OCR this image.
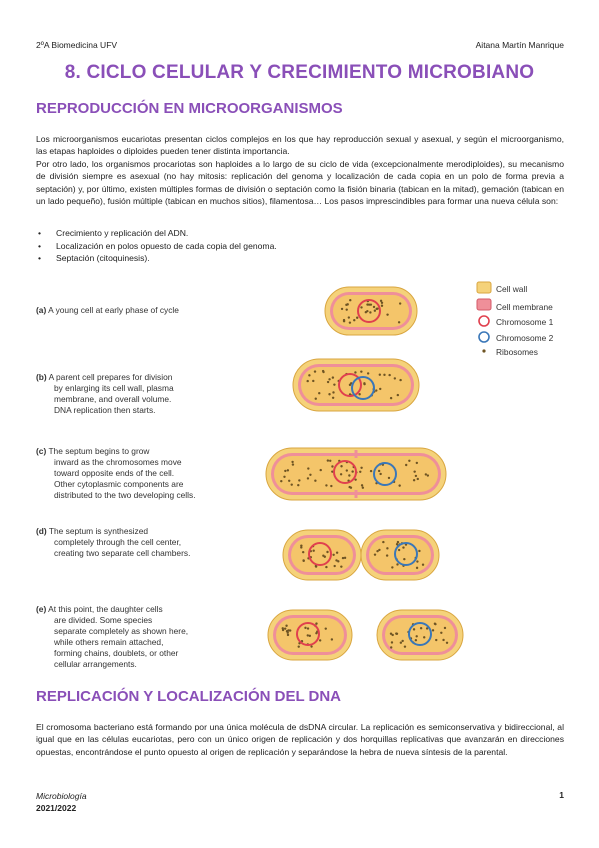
2ºA Biomedicina UFV	Aitana Martín Manrique
8. CICLO CELULAR Y CRECIMIENTO MICROBIANO
REPRODUCCIÓN EN MICROORGANISMOS

Los microorganismos eucariotas presentan ciclos complejos en los que hay reproducción sexual y asexual, y según el microorganismo, las etapas haploides o diploides pueden tener distinta importancia.

Por otro lado, los organismos procariotas son haploides a lo largo de su ciclo de vida (excepcionalmente merodiploides), su mecanismo de división siempre es asexual (no hay mitosis: replicación del genoma y localización de cada copia en un polo de forma previa a septación) y, por último, existen múltiples formas de división o septación como la fisión binaria (tabican en la mitad), gemación (tabican en un lado pequeño), fusión múltiple (tabican en muchos sitios), filamentosa… Los pasos imprescindibles para formar una nueva célula son:

• Crecimiento y replicación del ADN.
• Localización en polos opuesto de cada copia del genoma.
• Septación (citoquinesis).
(a) A young cell at early phase of cycle
(b) A parent cell prepares for division
by enlarging its cell wall, plasma
membrane, and overall volume.
DNA replication then starts.
(c) The septum begins to grow
inward as the chromosomes move
toward opposite ends of the cell.
Other cytoplasmic components are
distributed to the two developing cells.
(d) The septum is synthesized
completely through the cell center,
creating two separate cell chambers.
(e) At this point, the daughter cells
are divided. Some species
separate completely as shown here,
while others remain attached,
forming chains, doublets, or other
cellular arrangements.
Cell wall
Cell membrane
Chromosome 1
Chromosome 2
Ribosomes
REPLICACIÓN Y LOCALIZACIÓN DEL DNA

El cromosoma bacteriano está formando por una única molécula de dsDNA circular. La replicación es semiconservativa y bidireccional, al igual que en las células eucariotas, pero con un único origen de replicación y dos horquillas replicativas que avanzarán en direcciones opuestas, encontrándose el punto opuesto al origen de replicación y separándose la hebra de nueva síntesis de la parental.

Microbiología
2021/2022
1
